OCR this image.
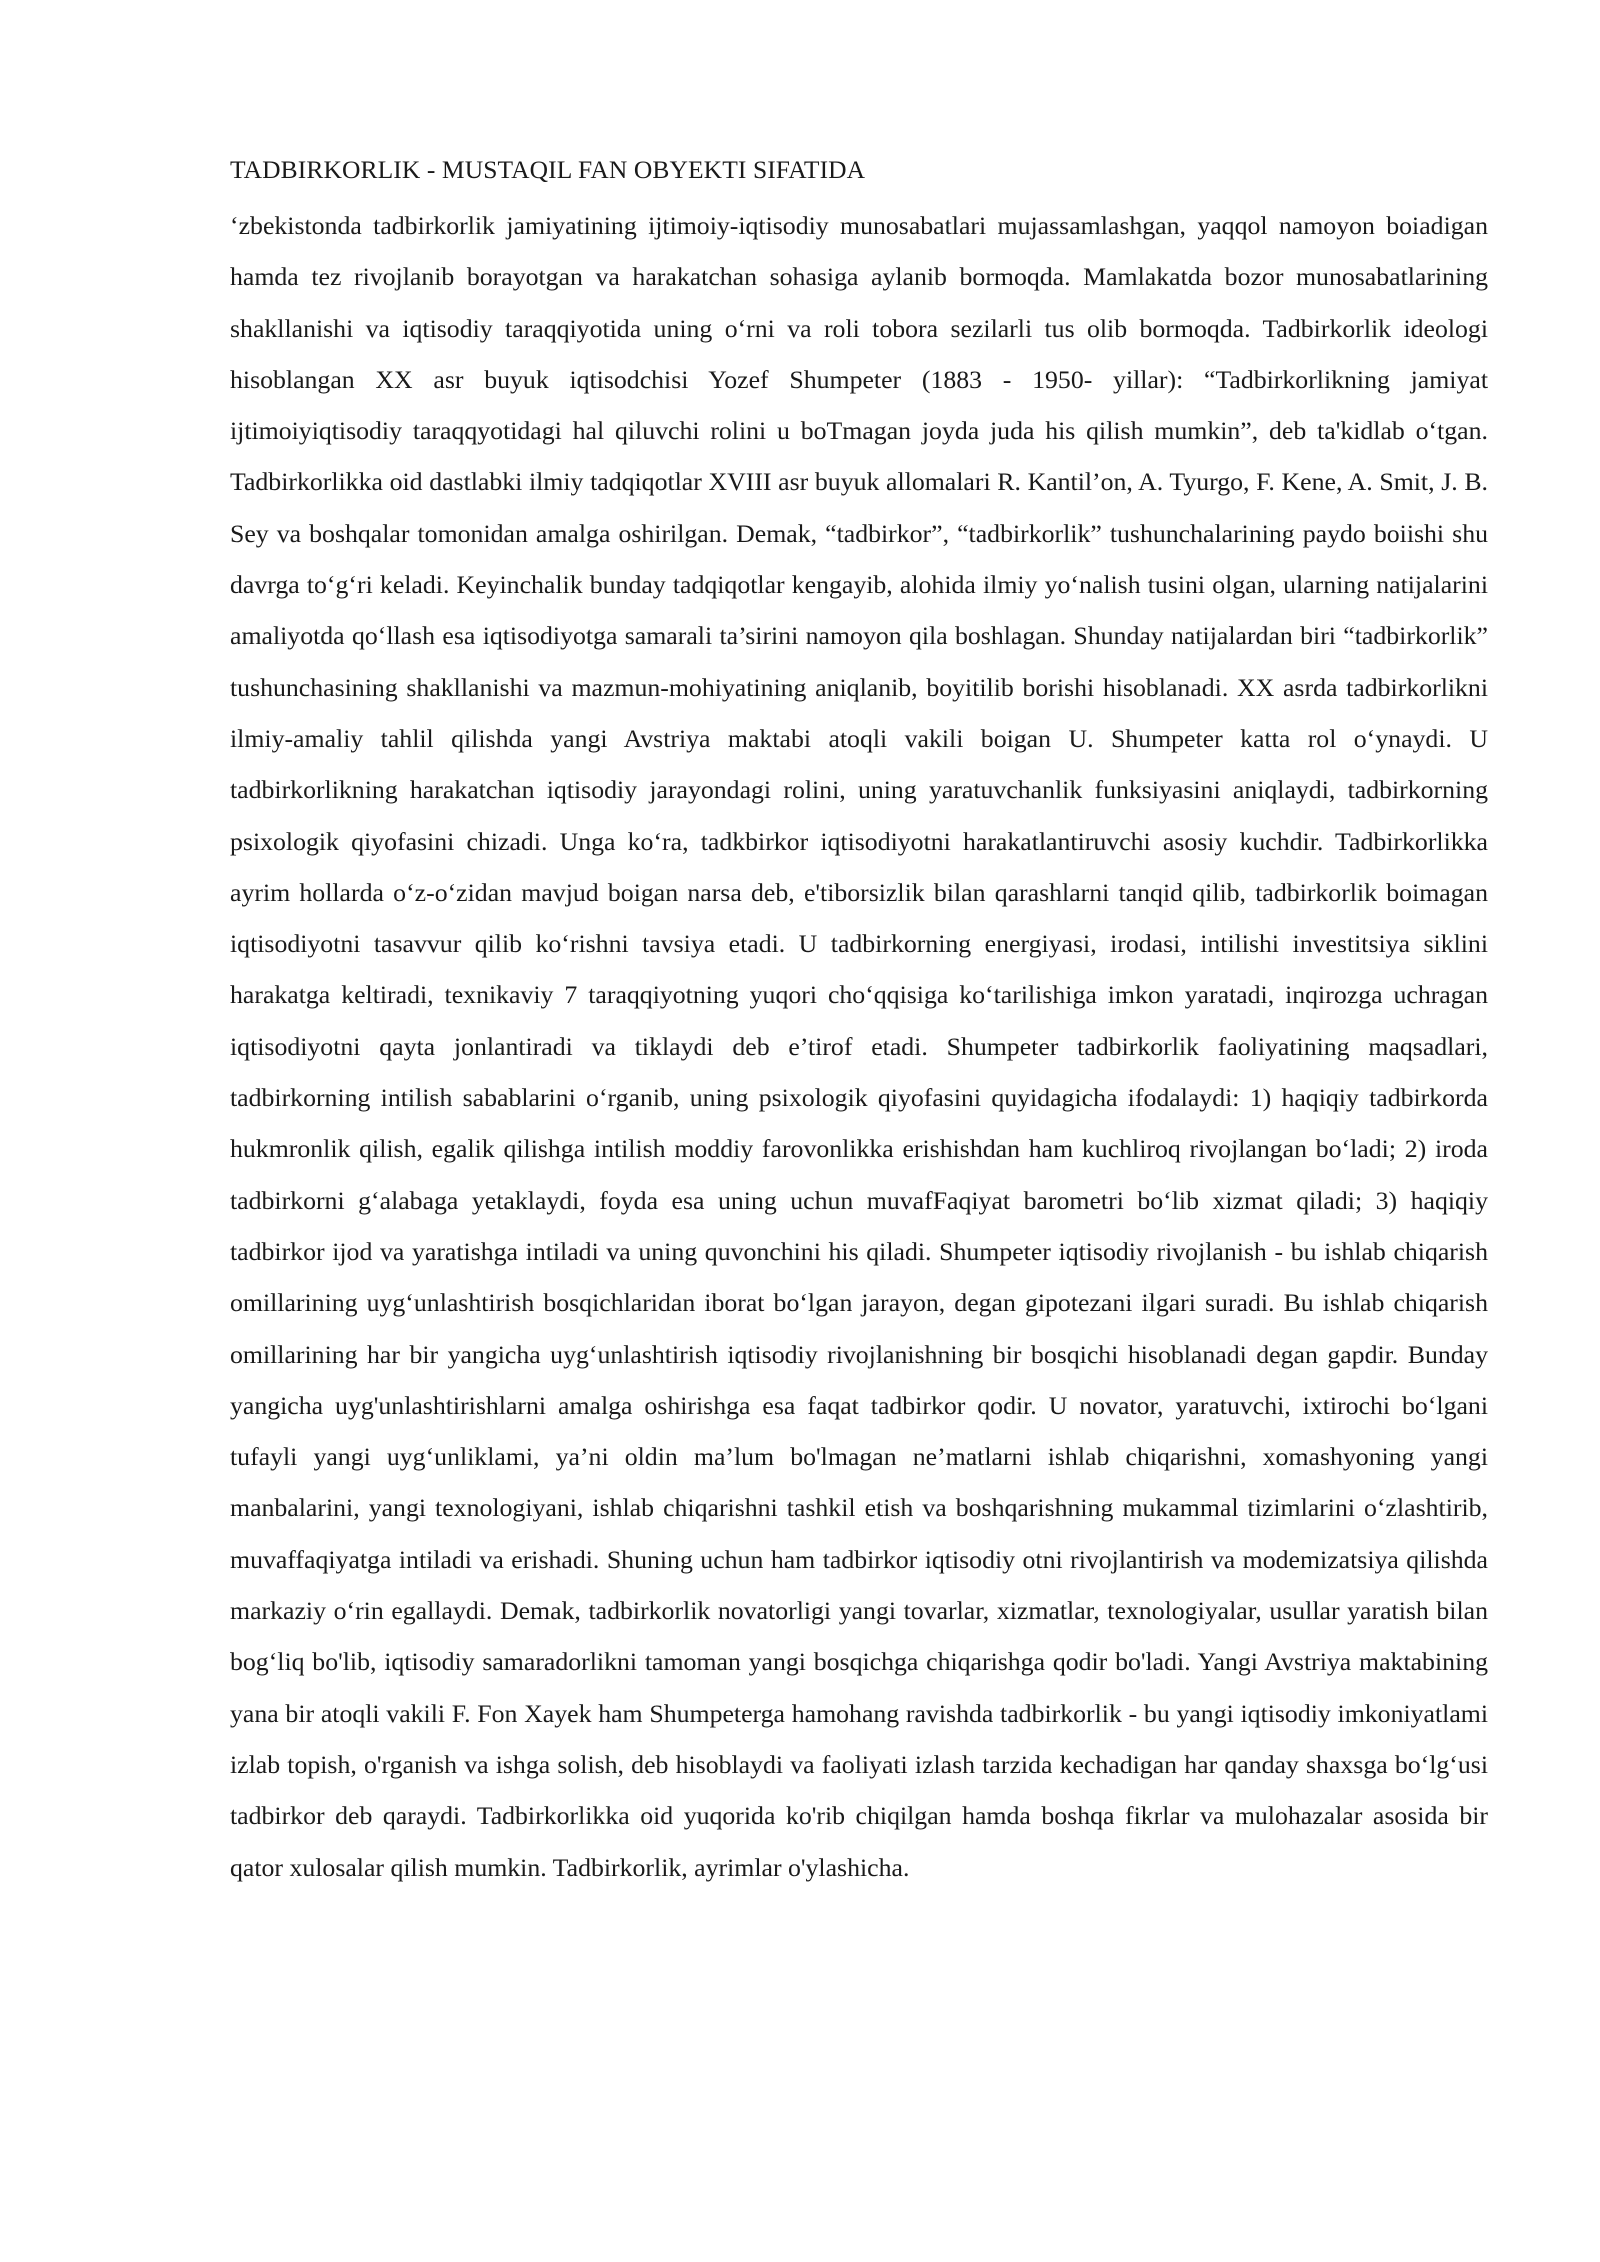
TADBIRKORLIK - MUSTAQIL FAN OBYEKTI SIFATIDA

‘zbekistonda tadbirkorlik jamiyatining ijtimoiy-iqtisodiy munosabatlari mujassamlashgan, yaqqol namoyon boiadigan hamda tez rivojlanib borayotgan va harakatchan sohasiga aylanib bormoqda. Mamlakatda bozor munosabatlarining shakllanishi va iqtisodiy taraqqiyotida uning o‘rni va roli tobora sezilarli tus olib bormoqda. Tadbirkorlik ideologi hisoblangan XX asr buyuk iqtisodchisi Yozef Shumpeter (1883 - 1950- yillar): “Tadbirkorlikning jamiyat ijtimoiyiqtisodiy taraqqyotidagi hal qiluvchi rolini u boTmagan joyda juda his qilish mumkin”, deb ta'kidlab o‘tgan. Tadbirkorlikka oid dastlabki ilmiy tadqiqotlar XVIII asr buyuk allomalari R. Kantil’on, A. Tyurgo, F. Kene, A. Smit, J. B. Sey va boshqalar tomonidan amalga oshirilgan. Demak, “tadbirkor”, “tadbirkorlik” tushunchalarining paydo boiishi shu davrga to‘g‘ri keladi. Keyinchalik bunday tadqiqotlar kengayib, alohida ilmiy yo‘nalish tusini olgan, ularning natijalarini amaliyotda qo‘llash esa iqtisodiyotga samarali ta’sirini namoyon qila boshlagan. Shunday natijalardan biri “tadbirkorlik” tushunchasining shakllanishi va mazmun-mohiyatining aniqlanib, boyitilib borishi hisoblanadi. XX asrda tadbirkorlikni ilmiy-amaliy tahlil qilishda yangi Avstriya maktabi atoqli vakili boigan U. Shumpeter katta rol o‘ynaydi. U tadbirkorlikning harakatchan iqtisodiy jarayondagi rolini, uning yaratuvchanlik funksiyasini aniqlaydi, tadbirkorning psixologik qiyofasini chizadi. Unga ko‘ra, tadkbirkor iqtisodiyotni harakatlantiruvchi asosiy kuchdir. Tadbirkorlikka ayrim hollarda o‘z-o‘zidan mavjud boigan narsa deb, e'tiborsizlik bilan qarashlarni tanqid qilib, tadbirkorlik boimagan iqtisodiyotni tasavvur qilib ko‘rishni tavsiya etadi. U tadbirkorning energiyasi, irodasi, intilishi investitsiya siklini harakatga keltiradi, texnikaviy 7 taraqqiyotning yuqori cho‘qqisiga ko‘tarilishiga imkon yaratadi, inqirozga uchragan iqtisodiyotni qayta jonlantiradi va tiklaydi deb e’tirof etadi. Shumpeter tadbirkorlik faoliyatining maqsadlari, tadbirkorning intilish sabablarini o‘rganib, uning psixologik qiyofasini quyidagicha ifodalaydi: 1) haqiqiy tadbirkorda hukmronlik qilish, egalik qilishga intilish moddiy farovonlikka erishishdan ham kuchliroq rivojlangan bo‘ladi; 2) iroda tadbirkorni g‘alabaga yetaklaydi, foyda esa uning uchun muvafFaqiyat barometri bo‘lib xizmat qiladi; 3) haqiqiy tadbirkor ijod va yaratishga intiladi va uning quvonchini his qiladi. Shumpeter iqtisodiy rivojlanish - bu ishlab chiqarish omillarining uyg‘unlashtirish bosqichlaridan iborat bo‘lgan jarayon, degan gipotezani ilgari suradi. Bu ishlab chiqarish omillarining har bir yangicha uyg‘unlashtirish iqtisodiy rivojlanishning bir bosqichi hisoblanadi degan gapdir. Bunday yangicha uyg'unlashtirishlarni amalga oshirishga esa faqat tadbirkor qodir. U novator, yaratuvchi, ixtirochi bo‘lgani tufayli yangi uyg‘unliklami, ya’ni oldin ma’lum bo'lmagan ne’matlarni ishlab chiqarishni, xomashyoning yangi manbalarini, yangi texnologiyani, ishlab chiqarishni tashkil etish va boshqarishning mukammal tizimlarini o‘zlashtirib, muvaffaqiyatga intiladi va erishadi. Shuning uchun ham tadbirkor iqtisodiy otni rivojlantirish va modemizatsiya qilishda markaziy o‘rin egallaydi. Demak, tadbirkorlik novatorligi yangi tovarlar, xizmatlar, texnologiyalar, usullar yaratish bilan bog‘liq bo'lib, iqtisodiy samaradorlikni tamoman yangi bosqichga chiqarishga qodir bo'ladi. Yangi Avstriya maktabining yana bir atoqli vakili F. Fon Xayek ham Shumpeterga hamohang ravishda tadbirkorlik - bu yangi iqtisodiy imkoniyatlami izlab topish, o'rganish va ishga solish, deb hisoblaydi va faoliyati izlash tarzida kechadigan har qanday shaxsga bo‘lg‘usi tadbirkor deb qaraydi. Tadbirkorlikka oid yuqorida ko'rib chiqilgan hamda boshqa fikrlar va mulohazalar asosida bir qator xulosalar qilish mumkin. Tadbirkorlik, ayrimlar o'ylashicha.
